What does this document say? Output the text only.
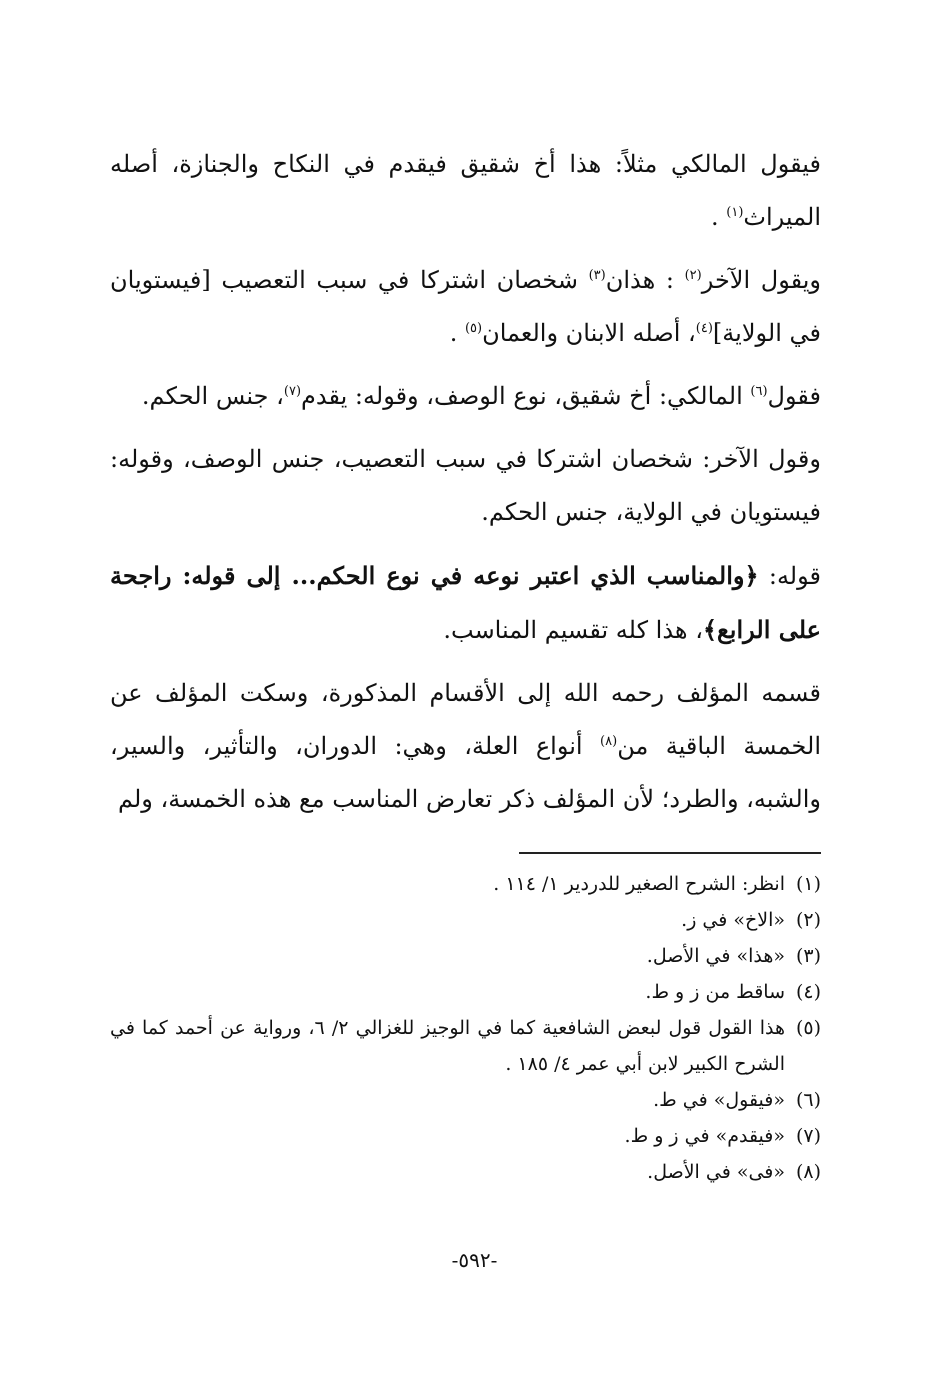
فيقول المالكي مثلاً: هذا أخ شقيق فيقدم في النكاح والجنازة، أصله الميراث$^{(١)}$ .

ويقول الآخر$^{(٢)}$ : هذان$^{(٣)}$ شخصان اشتركا في سبب التعصيب [فيستويان في الولاية]$^{(٤)}$، أصله الابنان والعمان$^{(٥)}$ .

فقول$^{(٦)}$ المالكي: أخ شقيق، نوع الوصف، وقوله: يقدم$^{(٧)}$، جنس الحكم.

وقول الآخر: شخصان اشتركا في سبب التعصيب، جنس الوصف، وقوله: فيستويان في الولاية، جنس الحكم.

قوله: ﴿والمناسب الذي اعتبر نوعه في نوع الحكم... إلى قوله: راجحة على الرابع﴾، هذا كله تقسيم المناسب.

قسمه المؤلف رحمه الله إلى الأقسام المذكورة، وسكت المؤلف عن الخمسة الباقية من$^{(٨)}$ أنواع العلة، وهي: الدوران، والتأثير، والسير، والشبه، والطرد؛ لأن المؤلف ذكر تعارض المناسب مع هذه الخمسة، ولم

(١)
انظر: الشرح الصغير للدردير ١/ ١١٤ .
(٢)
«الاخ» في ز.
(٣)
«هذا» في الأصل.
(٤)
ساقط من ز و ط.
(٥)
هذا القول قول لبعض الشافعية كما في الوجيز للغزالي ٢/ ٦، ورواية عن أحمد كما في الشرح الكبير لابن أبي عمر ٤/ ١٨٥ .
(٦)
«فيقول» في ط.
(٧)
«فيقدم» في ز و ط.
(٨)
«فى» في الأصل.
-٥٩٢-
